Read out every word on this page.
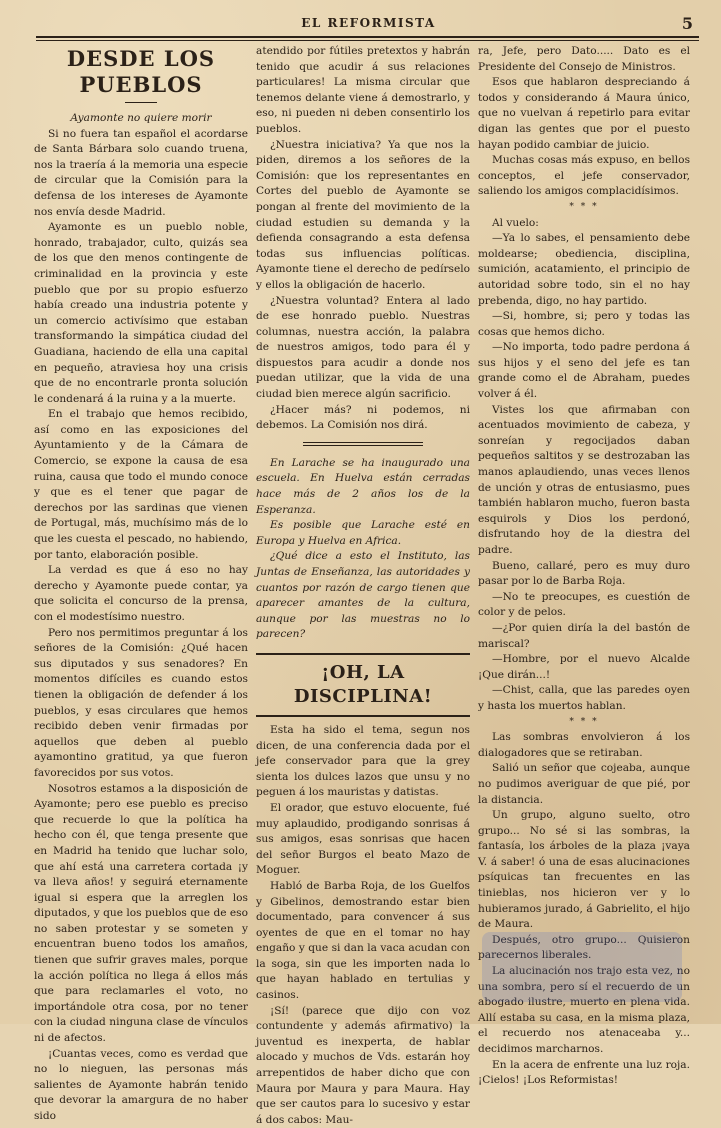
EL REFORMISTA	5
DESDE LOS PUEBLOS

Ayamonte no quiere morir

Si no fuera tan español el acordarse de Santa Bárbara solo cuando truena, nos la traería á la memoria una especie de circular que la Comisión para la defensa de los intereses de Ayamonte nos envía desde Madrid.

Ayamonte es un pueblo noble, honrado, trabajador, culto, quizás sea de los que den menos contingente de criminalidad en la provincia y este pueblo que por su propio esfuerzo había creado una industria potente y un comercio activísimo que estaban transformando la simpática ciudad del Guadiana, haciendo de ella una capital en pequeño, atraviesa hoy una crisis que de no encontrarle pronta solución le condenará á la ruina y a la muerte.

En el trabajo que hemos recibido, así como en las exposiciones del Ayuntamiento y de la Cámara de Comercio, se expone la causa de esa ruina, causa que todo el mundo conoce y que es el tener que pagar de derechos por las sardinas que vienen de Portugal, más, muchísimo más de lo que les cuesta el pescado, no habiendo, por tanto, elaboración posible.

La verdad es que á eso no hay derecho y Ayamonte puede contar, ya que solicita el concurso de la prensa, con el modestísimo nuestro.

Pero nos permitimos preguntar á los señores de la Comisión: ¿Qué hacen sus diputados y sus senadores? En momentos difíciles es cuando estos tienen la obligación de defender á los pueblos, y esas circulares que hemos recibido deben venir firmadas por aquellos que deben al pueblo ayamontino gratitud, ya que fueron favorecidos por sus votos.

Nosotros estamos a la disposición de Ayamonte; pero ese pueblo es preciso que recuerde lo que la política ha hecho con él, que tenga presente que en Madrid ha tenido que luchar solo, que ahí está una carretera cortada ¡y va lleva años! y seguirá eternamente igual si espera que la arreglen los diputados, y que los pueblos que de eso no saben protestar y se someten y encuentran bueno todos los amaños, tienen que sufrir graves males, porque la acción política no llega á ellos más que para reclamarles el voto, no importándole otra cosa, por no tener con la ciudad ninguna clase de vínculos ni de afectos.

¡Cuantas veces, como es verdad que no lo nieguen, las personas más salientes de Ayamonte habrán tenido que devorar la amargura de no haber sido

atendido por fútiles pretextos y habrán tenido que acudir á sus relaciones particulares! La misma circular que tenemos delante viene á demostrarlo, y eso, ni pueden ni deben consentirlo los pueblos.

¿Nuestra iniciativa? Ya que nos la piden, diremos a los señores de la Comisión: que los representantes en Cortes del pueblo de Ayamonte se pongan al frente del movimiento de la ciudad estudien su demanda y la defienda consagrando a esta defensa todas sus influencias políticas. Ayamonte tiene el derecho de pedírselo y ellos la obligación de hacerlo.

¿Nuestra voluntad? Entera al lado de ese honrado pueblo. Nuestras columnas, nuestra acción, la palabra de nuestros amigos, todo para él y dispuestos para acudir a donde nos puedan utilizar, que la vida de una ciudad bien merece algún sacrificio.

¿Hacer más? ni podemos, ni debemos. La Comisión nos dirá.

En Larache se ha inaugurado una escuela. En Huelva están cerradas hace más de 2 años los de la Esperanza.

Es posible que Larache esté en Europa y Huelva en Africa.

¿Qué dice a esto el Instituto, las Juntas de Enseñanza, las autoridades y cuantos por razón de cargo tienen que aparecer amantes de la cultura, aunque por las muestras no lo parecen?

¡OH, LA DISCIPLINA!

Esta ha sido el tema, segun nos dicen, de una conferencia dada por el jefe conservador para que la grey sienta los dulces lazos que unsu y no peguen á los mauristas y datistas.

El orador, que estuvo elocuente, fué muy aplaudido, prodigando sonrisas á sus amigos, esas sonrisas que hacen del señor Burgos el beato Mazo de Moguer.

Habló de Barba Roja, de los Guelfos y Gibelinos, demostrando estar bien documentado, para convencer á sus oyentes de que en el tomar no hay engaño y que si dan la vaca acudan con la soga, sin que les importen nada lo que hayan hablado en tertulias y casinos.

¡Sí! (parece que dijo con voz contundente y además afirmativo) la juventud es inexperta, de hablar alocado y muchos de Vds. estarán hoy arrepentidos de haber dicho que con Maura por Maura y para Maura. Hay que ser cautos para lo sucesivo y estar á dos cabos: Mau-

ra, Jefe, pero Dato..... Dato es el Presidente del Consejo de Ministros.

Esos que hablaron despreciando á todos y considerando á Maura único, que no vuelvan á repetirlo para evitar digan las gentes que por el puesto hayan podido cambiar de juicio.

Muchas cosas más expuso, en bellos conceptos, el jefe conservador, saliendo los amigos complacidísimos.

* * *

Al vuelo:

—Ya lo sabes, el pensamiento debe moldearse; obediencia, disciplina, sumición, acatamiento, el principio de autoridad sobre todo, sin el no hay prebenda, digo, no hay partido.

—Si, hombre, si; pero y todas las cosas que hemos dicho.

—No importa, todo padre perdona á sus hijos y el seno del jefe es tan grande como el de Abraham, puedes volver á él.

Vistes los que afirmaban con acentuados movimiento de cabeza, y sonreían y regocijados daban pequeños saltitos y se destrozaban las manos aplaudiendo, unas veces llenos de unción y otras de entusiasmo, pues también hablaron mucho, fueron basta esquirols y Dios los perdonó, disfrutando hoy de la diestra del padre.

Bueno, callaré, pero es muy duro pasar por lo de Barba Roja.

—No te preocupes, es cuestión de color y de pelos.

—¿Por quien diría la del bastón de mariscal?

—Hombre, por el nuevo Alcalde ¡Que dirán...!

—Chist, calla, que las paredes oyen y hasta los muertos hablan.

* * *

Las sombras envolvieron á los dialogadores que se retiraban.

Salió un señor que cojeaba, aunque no pudimos averiguar de que pié, por la distancia.

Un grupo, alguno suelto, otro grupo... No sé si las sombras, la fantasía, los árboles de la plaza ¡vaya V. á saber! ó una de esas alucinaciones psíquicas tan frecuentes en las tinieblas, nos hicieron ver y lo hubieramos jurado, á Gabrielito, el hijo de Maura.

Después, otro grupo... Quisieron parecernos liberales.

La alucinación nos trajo esta vez, no una sombra, pero sí el recuerdo de un abogado ilustre, muerto en plena vida. Allí estaba su casa, en la misma plaza, el recuerdo nos atenaceaba y... decidimos marcharnos.

En la acera de enfrente una luz roja. ¡Cielos! ¡Los Reformistas!
